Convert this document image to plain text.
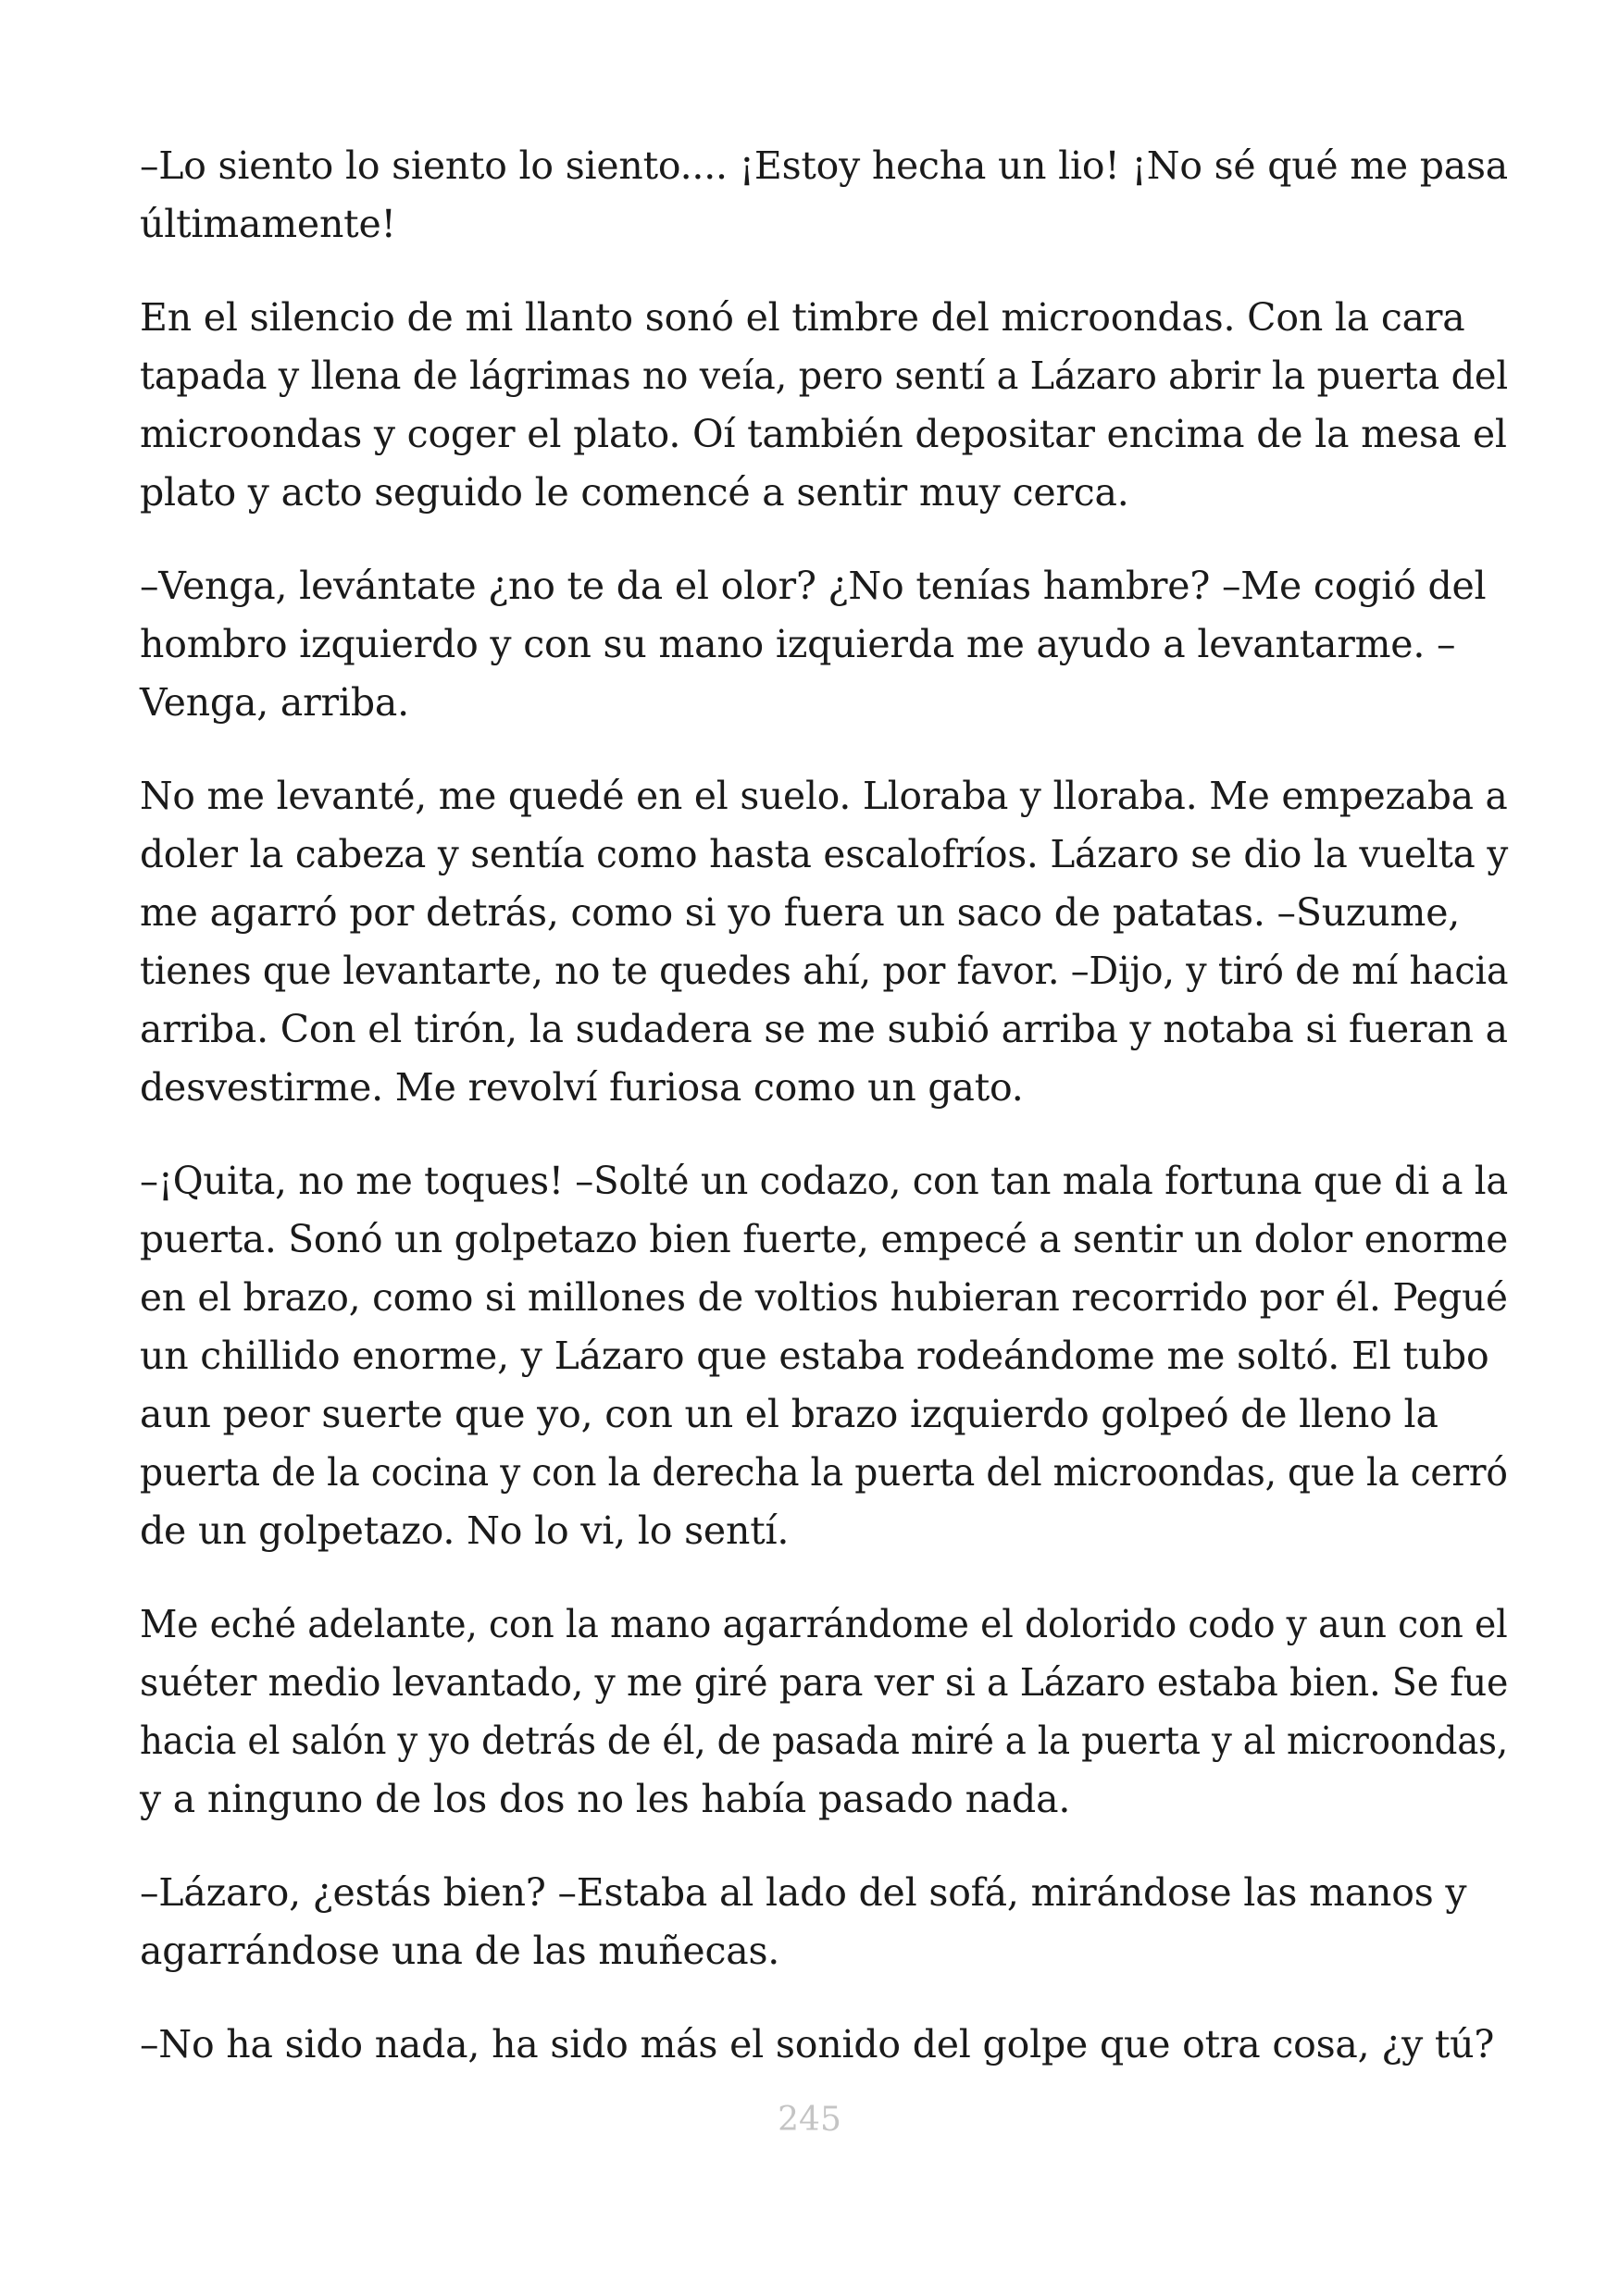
–Lo siento lo siento lo siento.... ¡Estoy hecha un lio! ¡No sé qué me pasa
últimamente!

En el silencio de mi llanto sonó el timbre del microondas. Con la cara
tapada y llena de lágrimas no veía, pero sentí a Lázaro abrir la puerta del
microondas y coger el plato. Oí también depositar encima de la mesa el
plato y acto seguido le comencé a sentir muy cerca.

–Venga, levántate ¿no te da el olor? ¿No tenías hambre? –Me cogió del
hombro izquierdo y con su mano izquierda me ayudo a levantarme. –
Venga, arriba.

No me levanté, me quedé en el suelo. Lloraba y lloraba. Me empezaba a
doler la cabeza y sentía como hasta escalofríos. Lázaro se dio la vuelta y
me agarró por detrás, como si yo fuera un saco de patatas. –Suzume,
tienes que levantarte, no te quedes ahí, por favor. –Dijo, y tiró de mí hacia
arriba. Con el tirón, la sudadera se me subió arriba y notaba si fueran a
desvestirme. Me revolví furiosa como un gato.

–¡Quita, no me toques! –Solté un codazo, con tan mala fortuna que di a la
puerta. Sonó un golpetazo bien fuerte, empecé a sentir un dolor enorme
en el brazo, como si millones de voltios hubieran recorrido por él. Pegué
un chillido enorme, y Lázaro que estaba rodeándome me soltó. El tubo
aun peor suerte que yo, con un el brazo izquierdo golpeó de lleno la
puerta de la cocina y con la derecha la puerta del microondas, que la cerró
de un golpetazo. No lo vi, lo sentí.

Me eché adelante, con la mano agarrándome el dolorido codo y aun con el
suéter medio levantado, y me giré para ver si a Lázaro estaba bien. Se fue
hacia el salón y yo detrás de él, de pasada miré a la puerta y al microondas,
y a ninguno de los dos no les había pasado nada.

–Lázaro, ¿estás bien? –Estaba al lado del sofá, mirándose las manos y
agarrándose una de las muñecas.

–No ha sido nada, ha sido más el sonido del golpe que otra cosa, ¿y tú?

245
